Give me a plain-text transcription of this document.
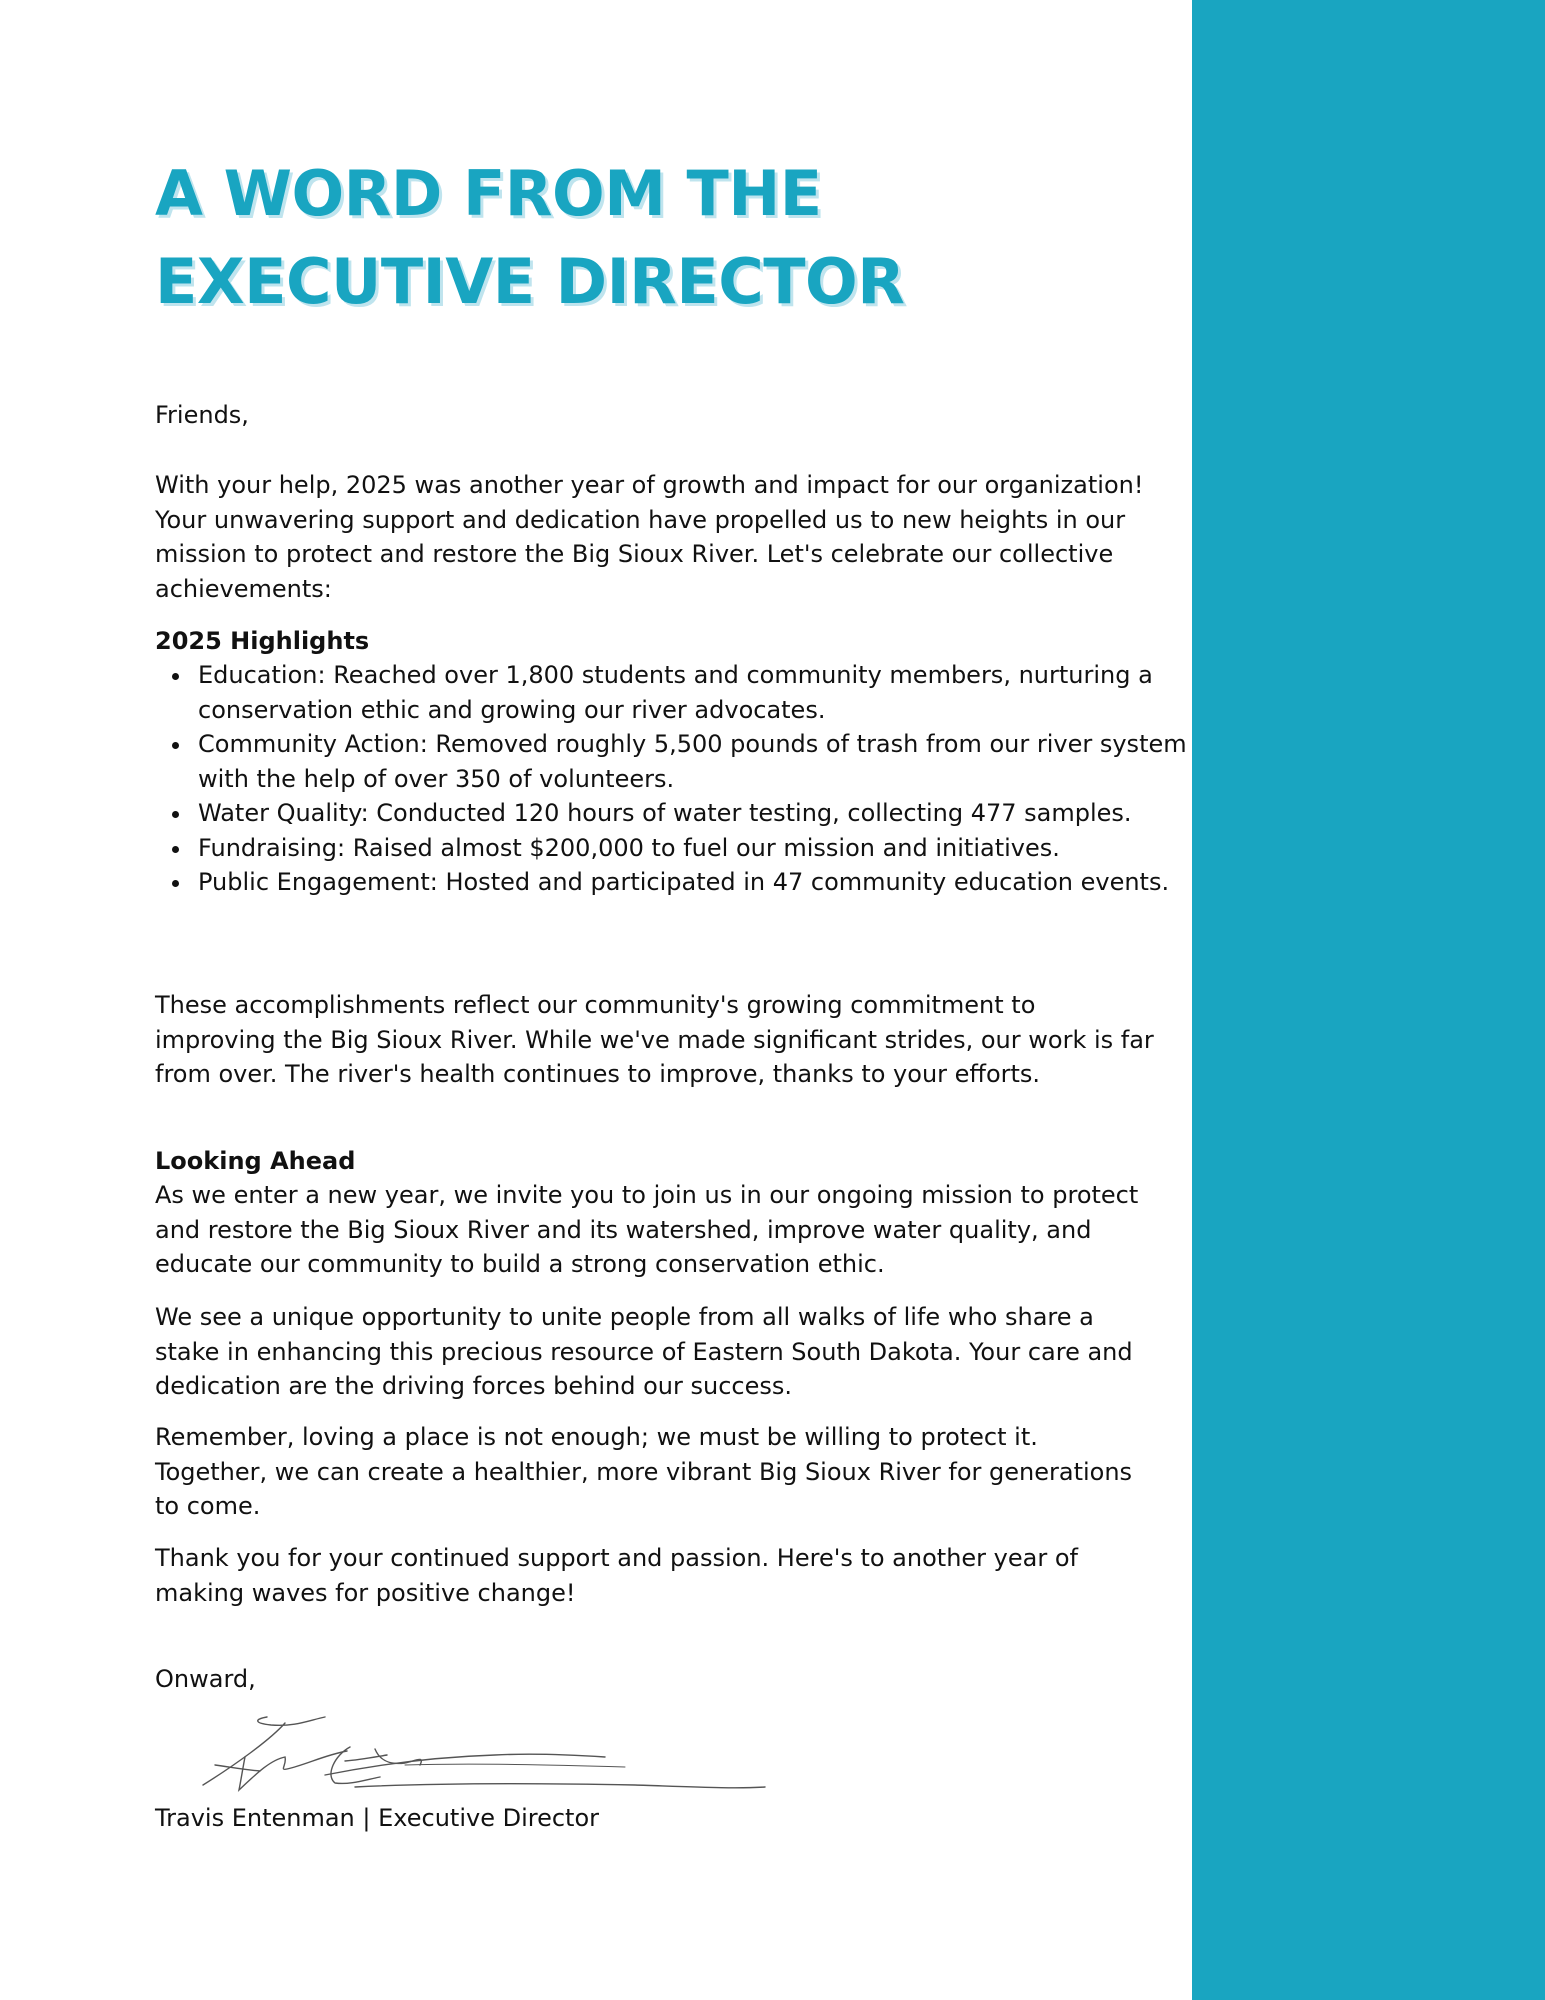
A WORD FROM THE
EXECUTIVE DIRECTOR

Friends,

With your help, 2025 was another year of growth and impact for our organization! Your unwavering support and dedication have propelled us to new heights in our mission to protect and restore the Big Sioux River. Let's celebrate our collective achievements:

2025 Highlights

Education: Reached over 1,800 students and community members, nurturing a conservation ethic and growing our river advocates.
Community Action: Removed roughly 5,500 pounds of trash from our river system with the help of over 350 of volunteers.
Water Quality: Conducted 120 hours of water testing, collecting 477 samples.
Fundraising: Raised almost $200,000 to fuel our mission and initiatives.
Public Engagement: Hosted and participated in 47 community education events.

These accomplishments reflect our community's growing commitment to improving the Big Sioux River. While we've made significant strides, our work is far from over. The river's health continues to improve, thanks to your efforts.

Looking Ahead

As we enter a new year, we invite you to join us in our ongoing mission to protect and restore the Big Sioux River and its watershed, improve water quality, and educate our community to build a strong conservation ethic.

We see a unique opportunity to unite people from all walks of life who share a stake in enhancing this precious resource of Eastern South Dakota. Your care and dedication are the driving forces behind our success.

Remember, loving a place is not enough; we must be willing to protect it. Together, we can create a healthier, more vibrant Big Sioux River for generations to come.

Thank you for your continued support and passion. Here's to another year of making waves for positive change!

Onward,

Travis Entenman | Executive Director
